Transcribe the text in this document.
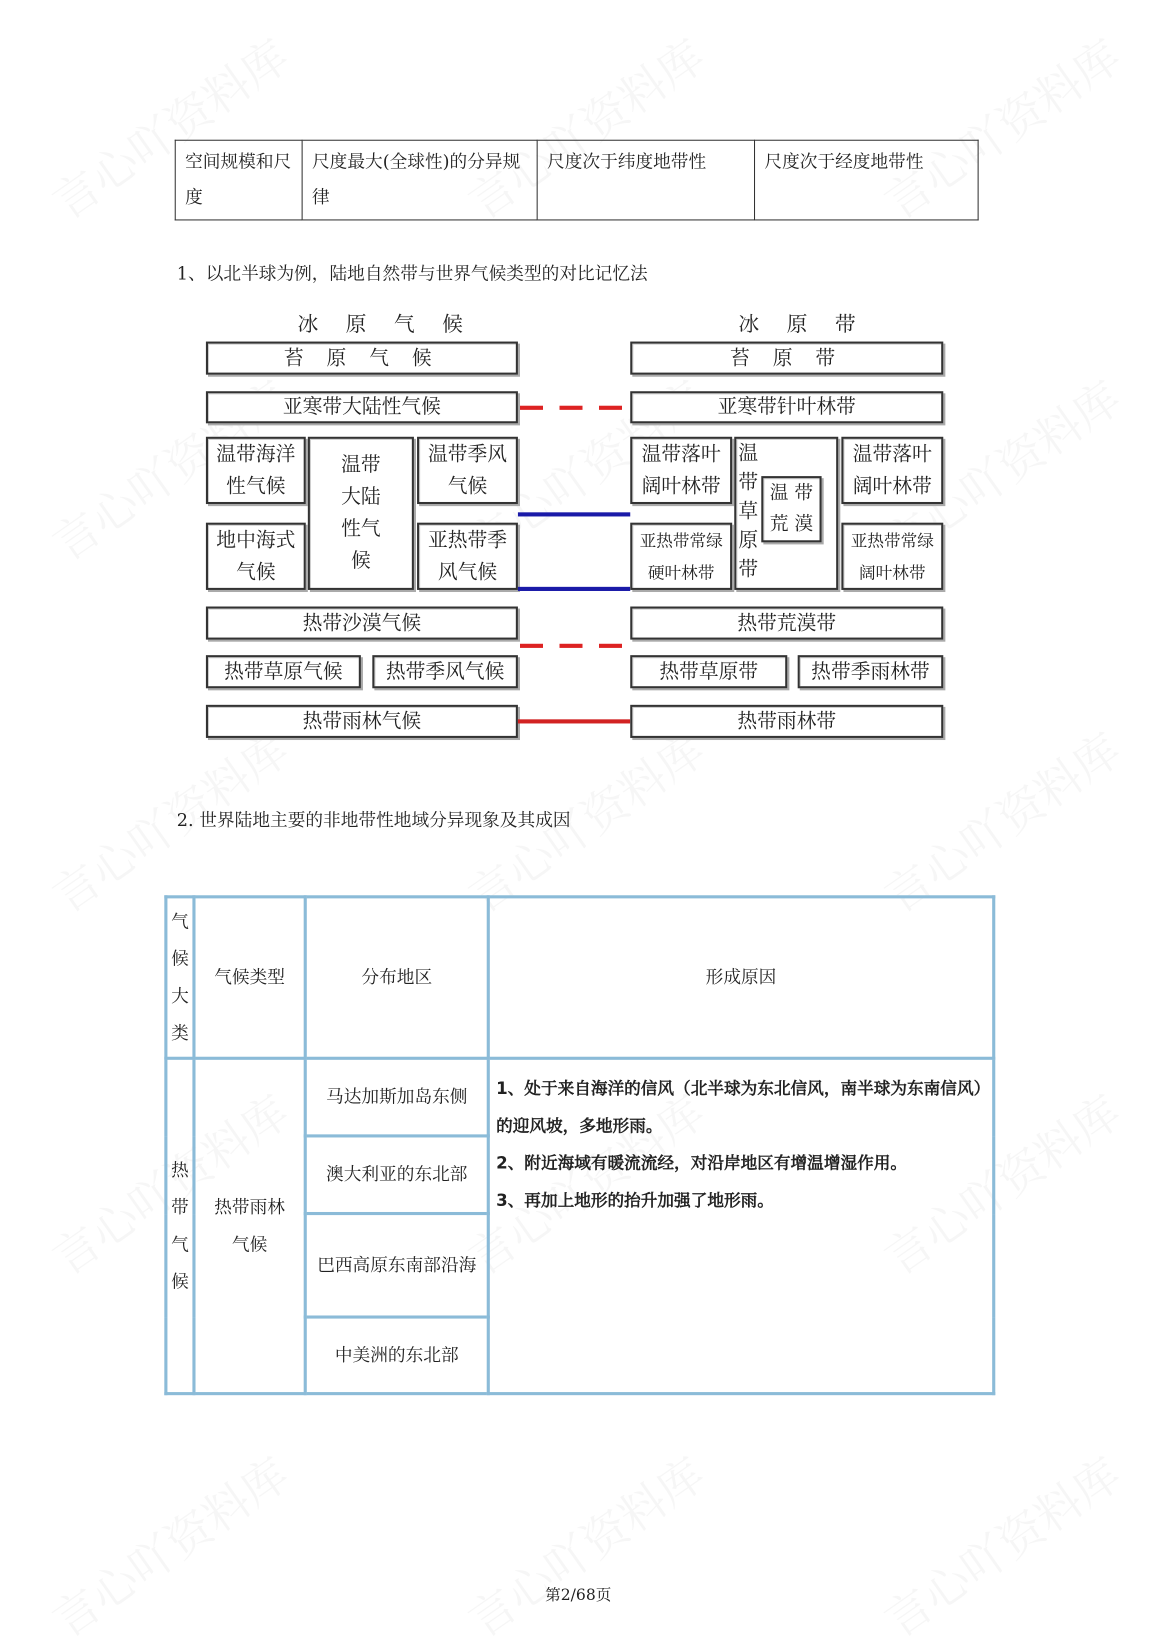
空间规模和尺度	尺度最大(全球性)的分异规律	尺度次于纬度地带性	尺度次于经度地带性
1、以北半球为例，陆地自然带与世界气候类型的对比记忆法
冰 原 气 候	冰 原 带
苔 原 气 候	苔 原 带
亚寒带大陆性气候	亚寒带针叶林带
温带海洋性气候
温带大陆性气候
温带季风气候
地中海式气候
亚热带季风气候
温带落叶阔叶林带
温带草原带
温 带 荒 漠
温带落叶阔叶林带
亚热带常绿硬叶林带
亚热带常绿阔叶林带
热带沙漠气候	热带荒漠带
热带草原气候	热带季风气候	热带草原带	热带季雨林带
热带雨林气候	热带雨林带
2. 世界陆地主要的非地带性地域分异现象及其成因
气候大类	气候类型	分布地区	形成原因

热带气候	热带雨林气候	马达加斯加岛东侧	1、处于来自海洋的信风（北半球为东北信风，南半球为东南信风）的迎风坡，多地形雨。
2、附近海域有暖流流经，对沿岸地区有增温增湿作用。
3、再加上地形的抬升加强了地形雨。

		澳大利亚的东北部	
		巴西高原东南部沿海	
		中美洲的东北部	
第2/68页
